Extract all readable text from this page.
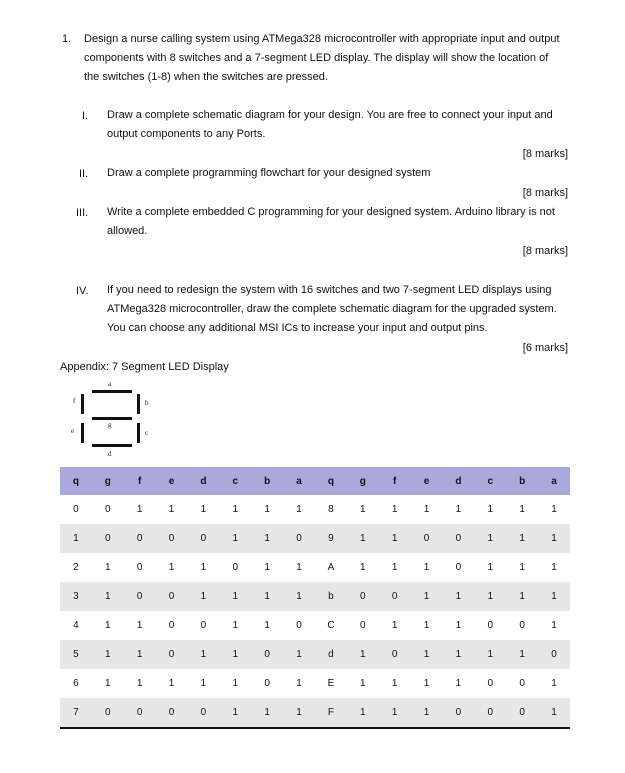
1. Design a nurse calling system using ATMega328 microcontroller with appropriate input and output
components with 8 switches and a 7-segment LED display. The display will show the location of
the switches (1-8) when the switches are pressed.
I. Draw a complete schematic diagram for your design. You are free to connect your input and
output components to any Ports.
[8 marks]
II. Draw a complete programming flowchart for your designed system
[8 marks]
III. Write a complete embedded C programming for your designed system. Arduino library is not
allowed.
[8 marks]
IV. If you need to redesign the system with 16 switches and two 7-segment LED displays using
ATMega328 microcontroller, draw the complete schematic diagram for the upgraded system.
You can choose any additional MSI ICs to increase your input and output pins.
[6 marks]
Appendix: 7 Segment LED Display
a
f	b
g
e	c
d
q	g	f	e	d	c	b	a	q	g	f	e	d	c	b	a
0	0	1	1	1	1	1	1	8	1	1	1	1	1	1	1
1	0	0	0	0	1	1	0	9	1	1	0	0	1	1	1
2	1	0	1	1	0	1	1	A	1	1	1	0	1	1	1
3	1	0	0	1	1	1	1	b	0	0	1	1	1	1	1
4	1	1	0	0	1	1	0	C	0	1	1	1	0	0	1
5	1	1	0	1	1	0	1	d	1	0	1	1	1	1	0
6	1	1	1	1	1	0	1	E	1	1	1	1	0	0	1
7	0	0	0	0	1	1	1	F	1	1	1	0	0	0	1
